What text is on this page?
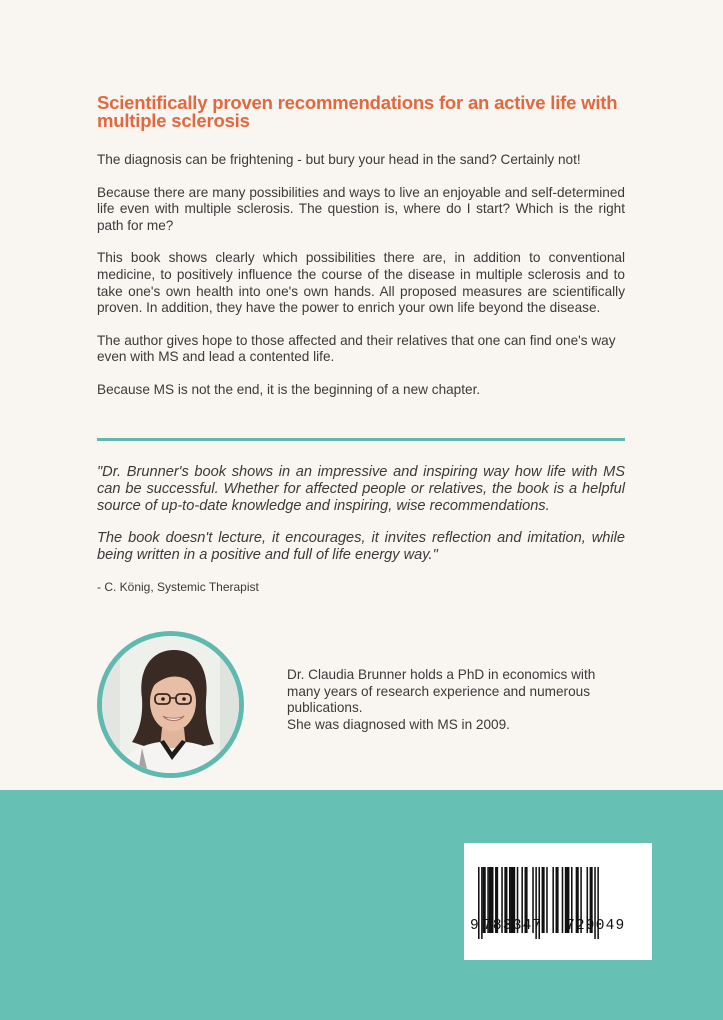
Scientifically proven recommendations for an active life with multiple sclerosis

The diagnosis can be frightening - but bury your head in the sand? Certainly not!

Because there are many possibilities and ways to live an enjoyable and self-determined life even with multiple sclerosis. The question is, where do I start? Which is the right path for me?

This book shows clearly which possibilities there are, in addition to conventional medicine, to positively influence the course of the disease in multiple sclerosis and to take one's own health into one's own hands. All proposed measures are scientifically proven. In addition, they have the power to enrich your own life beyond the disease.

The author gives hope to those affected and their relatives that one can find one's way even with MS and lead a contented life.

Because MS is not the end, it is the beginning of a new chapter.

"Dr. Brunner's book shows in an impressive and inspiring way how life with MS can be successful. Whether for affected people or relatives, the book is a helpful source of up-to-date knowledge and inspiring, wise recommendations.

The book doesn't lecture, it encourages, it invites reflection and imitation, while being written in a positive and full of life energy way."

- C. König, Systemic Therapist

Dr. Claudia Brunner holds a PhD in economics with
many years of research experience and numerous
publications.
She was diagnosed with MS in 2009.
9 783347 729049
